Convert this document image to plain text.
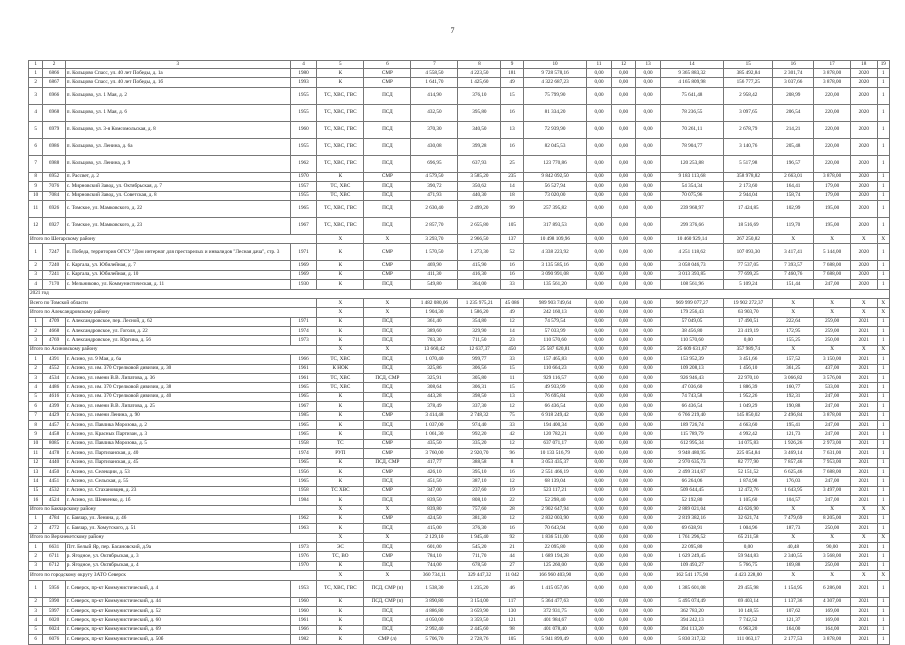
7
1	2	3	4	5	6	7	8	9	10	11	12	13	14	15	16	17	18	19
1	6866	п. Кольцово Спасс, ул. 40 лет Победы, д. 1а	1980	К	СМР	4 558,50	4 223,50	181	9 728 578,16	0,00	0,00	0,00	9 365 883,32	385 492,84	2 301,74	3 878,00	2020	1
2	6867	п. Кольцово Спасс, ул. 40 лет Победы, д. 1б	1993	К	СМР	1 641,70	1 425,60	49	4 322 687,23	0,00	0,00	0,00	4 165 809,98	156 777,25	3 037,66	3 878,00	2020	1
3	6966	п. Кольцово, ул. 1 Мая, д. 2	1955	ТС, ХВС, ГВС	ПСД	414,90	376,10	15	75 799,90	0,00	0,00	0,00	75 641,48	2 958,42	208,99	220,00	2020	1
4	6968	п. Кольцово, ул. 1 Мая, д. 6	1955	ТС, ХВС, ГВС	ПСД	432,50	395,80	16	81 334,20	0,00	0,00	0,00	78 236,55	3 097,65	206,54	220,00	2020	1
5	6979	п. Кольцово, ул. 3-я Комсомольская, д. 8	1960	ТС, ХВС, ГВС	ПСД	370,30	340,50	13	72 939,90	0,00	0,00	0,00	70 261,11	2 678,79	214,21	220,00	2020	1
6	6986	п. Кольцово, ул. Ленина, д. 6а	1955	ТС, ХВС, ГВС	ПСД	430,08	399,28	16	82 045,53	0,00	0,00	0,00	78 904,77	3 140,76	205,48	220,00	2020	1
7	6988	п. Кольцово, ул. Ленина, д. 9	1962	ТС, ХВС, ГВС	ПСД	696,95	637,93	25	123 770,86	0,00	0,00	0,00	120 253,88	5 517,98	196,57	220,00	2020	1
8	6952	п. Рассвет, д. 2	1970	К	СМР	4 579,50	3 585,20	235	9 842 092,50	0,00	0,00	0,00	9 183 113,68	358 978,82	2 663,01	3 878,00	2020	1
9	7076	с. Мирновский Завод, ул. Октябрьская, д. 7	1957	ТС, ХВС	ПСД	390,72	350,62	14	56 527,94	0,00	0,00	0,00	54 354,34	2 173,60	164,41	179,00	2020	1
10	7084	с. Мирновский Завод, ул. Советская, д. 8	1955	ТС, ХВС	ПСД	471,93	440,30	18	73 020,00	0,00	0,00	0,00	70 075,96	2 944,04	158,74	179,00	2020	1
11	6926	с. Томское, ул. Мамковского, д. 22	1965	ТС, ХВС, ГВС	ПСД	2 630,40	2 499,20	99	257 395,82	0,00	0,00	0,00	239 968,97	17 424,85	102,99	195,00	2020	1
12	6927	с. Томское, ул. Мамковского, д. 23	1967	ТС, ХВС, ГВС	ПСД	2 857,70	2 655,80	105	317 893,53	0,00	0,00	0,00	299 376,66	18 516,69	119,70	195,00	2020	1
Итого по Шегарскому району				Х	Х	3 293,70	2 966,50	137	10 498 109,96	0,00	0,00	0,00	10 460 929,14	267 250,82	Х	Х	Х	Х
1	7247	п. Победа, территория ОГСУ "Дом интернат для престарелых и инвалидов "Лесная дача", стр. 3	1971	К	СМР	1 570,50	1 273,30	52	4 338 223,92	0,00	0,00	0,00	4 251 118,62	107 093,30	3 417,41	5 144,00	2020	1
2	7240	с. Каргала, ул. Юбилейная, д. 7	1969	К	СМР	469,90	415,90	16	3 135 585,16	0,00	0,00	0,00	3 058 046,73	77 537,05	7 393,57	7 688,00	2020	1
3	7241	с. Каргала, ул. Юбилейная, д. 10	1969	К	СМР	411,30	416,30	16	3 090 991,08	0,00	0,00	0,00	3 013 393,85	77 699,25	7 460,76	7 688,00	2020	1
4	7170	с. Мельниково, ул. Коммунистическая, д. 11	1930	К	ПСД	549,80	364,00	33	135 561,20	0,00	0,00	0,00	108 561,96	5 109,24	151,44	247,00	2020	1
2021 год																		
Всего по Томской области				Х	Х	1 482 080,06	1 235 975,21	45 086	989 903 749,64	0,00	0,00	0,00	969 999 077,27	19 902 272,37	Х	Х	Х	Х
Итого по Александровскому району				Х	Х	1 904,30	1 586,20	49	242 160,13	0,00	0,00	0,00	179 256,43	63 903,70	Х	Х	Х	Х
1	4709	с. Александровское, пер. Лесной, д. 62	1971	К	ПСД	361,40	354,80	12	74 579,54	0,00	0,00	0,00	57 049,05	17 490,51	222,64	259,00	2021	1
2	4668	с. Александровское, ул. Гоголя, д. 22	1974	К	ПСД	389,60	329,90	14	57 033,99	0,00	0,00	0,00	38 456,80	23 419,19	172,95	259,00	2021	1
3	4769	с. Александровское, ул. Юргина, д. 56	1973	К	ПСД	783,30	711,50	23	110 570,60	0,00	0,00	0,00	110 570,60	0,00	155,25	250,00	2021	1
Итого по Асиновскому району				Х	Х	13 660,42	12 637,37	450	25 587 620,81	0,00	0,00	0,00	25 609 631,67	357 989,74	Х	Х	Х	Х
1	4391	г. Асино, ул. 9 Мая, д. 6а	1966	ТС, ХВС	ПСД	1 070,40	999,77	33	157 465,83	0,00	0,00	0,00	153 952,39	3 451,66	157,52	3 150,00	2021	1
2	4552	г. Асино, ул. им. 370 Стрелковой дивизии, д. 30	1961	К НОК	ПСД	325,86	306,56	15	110 664,23	0,00	0,00	0,00	109 208,13	1 456,10	361,25	437,00	2021	1
3	4534	г. Асино, ул. имени В.В. Липатова, д. 36	1961	ТС, ХВС	ПСД, СМР	325,91	305,80	11	929 116,57	0,00	0,00	0,00	926 946,43	22 970,10	3 066,82	3 576,00	2021	1
4	4486	г. Асино, ул. им. 370 Стрелковой дивизии, д. 38	1965	ТС, ХВС	ПСД	308,64	306,31	15	49 933,99	0,00	0,00	0,00	47 036,60	1 886,39	160,77	533,00	2021	1
5	4616	г. Асино, ул. им. 370 Стрелковой дивизии, д. 40	1965	К	ПСД	443,28	398,50	13	76 695,84	0,00	0,00	0,00	74 743,58	1 952,26	192,31	247,00	2021	1
6	4399	г. Асино, ул. имени В.В. Липатова, д. 25	1967	К	ПСД	378,49	337,30	12	66 436,54	0,00	0,00	0,00	66 436,54	1 049,29	190,88	247,00	2021	1
7	4429	г. Асино, ул. имени Ленина, д. 90	1985	К	СМР	3 414,48	2 748,32	75	6 918 249,42	0,00	0,00	0,00	6 766 219,40	145 850,02	2 496,84	3 878,00	2021	1
8	4457	г. Асино, ул. Павлика Морозова, д. 2	1965	К	ПСД	1 037,00	974,40	33	194 400,34	0,00	0,00	0,00	189 726,74	4 663,60	195,41	247,00	2021	1
9	4458	г. Асино, ул. Красных Партизан, д. 3	1965	К	ПСД	1 061,30	992,20	42	120 782,21	0,00	0,00	0,00	115 789,79	4 992,42	121,73	247,00	2021	1
10	8085	г. Асино, ул. Павлика Морозова, д. 5	1958	ТС	СМР	435,50	335,20	12	637 071,17	0,00	0,00	0,00	612 995,34	14 075,83	1 926,26	2 973,00	2021	1
11	4478	г. Асино, ул. Партизанская, д. 40	1974	РУП	СМР	3 760,00	2 920,70	96	10 133 516,79	0,00	0,00	0,00	9 948 480,95	225 054,84	3 469,14	7 631,00	2021	1
12	4440	г. Асино, ул. Партизанская, д. 45	1965	К	ПСД, СМР	417,77	388,58	8	3 053 435,37	0,00	0,00	0,00	2 970 635,73	82 777,90	7 857,46	7 953,00	2021	1
13	4450	г. Асино, ул. Селекции, д. 53	1956	К	СМР	426,10	395,10	16	2 551 466,19	0,00	0,00	0,00	2 499 314,67	52 151,52	6 625,46	7 688,00	2021	1
14	4451	г. Асино, ул. Сельская, д. 55	1965	К	ПСД	451,50	387,10	12	68 139,04	0,00	0,00	0,00	66 264,06	1 874,98	176,03	247,00	2021	1
15	4532	г. Асино, ул. Стахановцев, д. 23	1958	ТС ХВС	СМР	347,00	237,60	19	523 117,21	0,00	0,00	0,00	509 644,45	12 472,76	1 643,95	3 497,00	2021	1
16	4524	г. Асино, ул. Шевченко, д. 1б	1984	К	ПСД	839,50	808,10	22	52 298,40	0,00	0,00	0,00	52 192,80	1 105,60	104,57	247,00	2021	1
Итого по Бакчарскому району				Х	Х	839,80	757,60	28	2 902 647,94	0,00	0,00	0,00	2 889 021,04	43 626,90	Х	Х	Х	Х
1	4784	с. Бакчар, ул. Ленина, д. 46	1962	К	СМР	424,50	381,30	12	2 832 003,90	0,00	0,00	0,00	2 819 382,16	32 621,74	7 479,69	8 205,00	2021	1
2	4772	с. Бакчар, ул. Хомутского, д. 51	1963	К	ПСД	415,00	376,30	16	70 643,94	0,00	0,00	0,00	69 638,91	1 004,96	187,73	250,00	2021	1
Итого по Верхнекетскому району				Х	Х	2 129,10	1 945,40	92	1 836 511,00	0,00	0,00	0,00	1 761 296,52	65 211,58	Х	Х	Х	Х
1	6631	Пгт. Белый Яр, пер. Басановский, д.9а	1973	ЭС	ПСД	601,00	545,20	21	22 095,80	0,00	0,00	0,00	22 095,80	0,00	40,48	90,00	2021	1
2	6711	р. Ягодное, ул. Октябрьская, д. 3	1976	ТС, ВО	СМР	784,10	711,70	44	1 689 194,28	0,00	0,00	0,00	1 629 249,45	59 944,83	2 340,55	3 568,00	2021	1
3	6712	р. Ягодное, ул. Октябрьская, д. 4	1970	К	ПСД	744,00	678,50	27	125 260,00	0,00	0,00	0,00	109 493,27	5 766,75	169,88	250,00	2021	1
Итого по городскому округу ЗАТО Северск				Х	Х	360 734,11	329 447,32	11 042	166 960 403,90	0,00	0,00	0,00	162 541 175,90	4 423 228,00	Х	Х	Х	Х
1	5956	г. Северск, пр-кт Коммунистический, д. 4	1953	ТС, ХВС, ГВС	ПСД, СМР (п)	1 538,30	1 235,20	46	1 415 057,06	0,00	0,00	0,00	1 385 601,08	29 455,98	1 154,95	6 286,00	2021	1
2	5990	г. Северск, пр-кт Коммунистический, д. 44	1960	К	ПСД, СМР (п)	3 890,80	3 154,00	117	5 364 477,63	0,00	0,00	0,00	5 495 074,49	69 403,14	1 137,36	4 307,00	2021	1
3	5997	г. Северск, пр-кт Коммунистический, д. 52	1960	К	ПСД	4 886,80	3 659,90	130	372 931,75	0,00	0,00	0,00	362 783,20	10 148,55	107,62	169,00	2021	1
4	6020	г. Северск, пр-кт Коммунистический, д. 60	1961	К	ПСД	4 050,00	3 359,50	121	401 984,67	0,00	0,00	0,00	394 242,13	7 742,52	121,37	169,00	2021	1
5	6024	г. Северск, пр-кт Коммунистический, д. 69	1966	К	ПСД	2 992,40	2 445,60	98	401 078,40	0,00	0,00	0,00	394 113,20	6 963,20	164,00	164,00	2021	1
6	6076	г. Северск, пр-кт Коммунистический, д. 50б	1982	К	СМР (л)	5 706,70	2 728,76	105	5 941 899,49	0,00	0,00	0,00	5 830 317,32	111 063,17	2 177,53	3 878,00	2021	1
